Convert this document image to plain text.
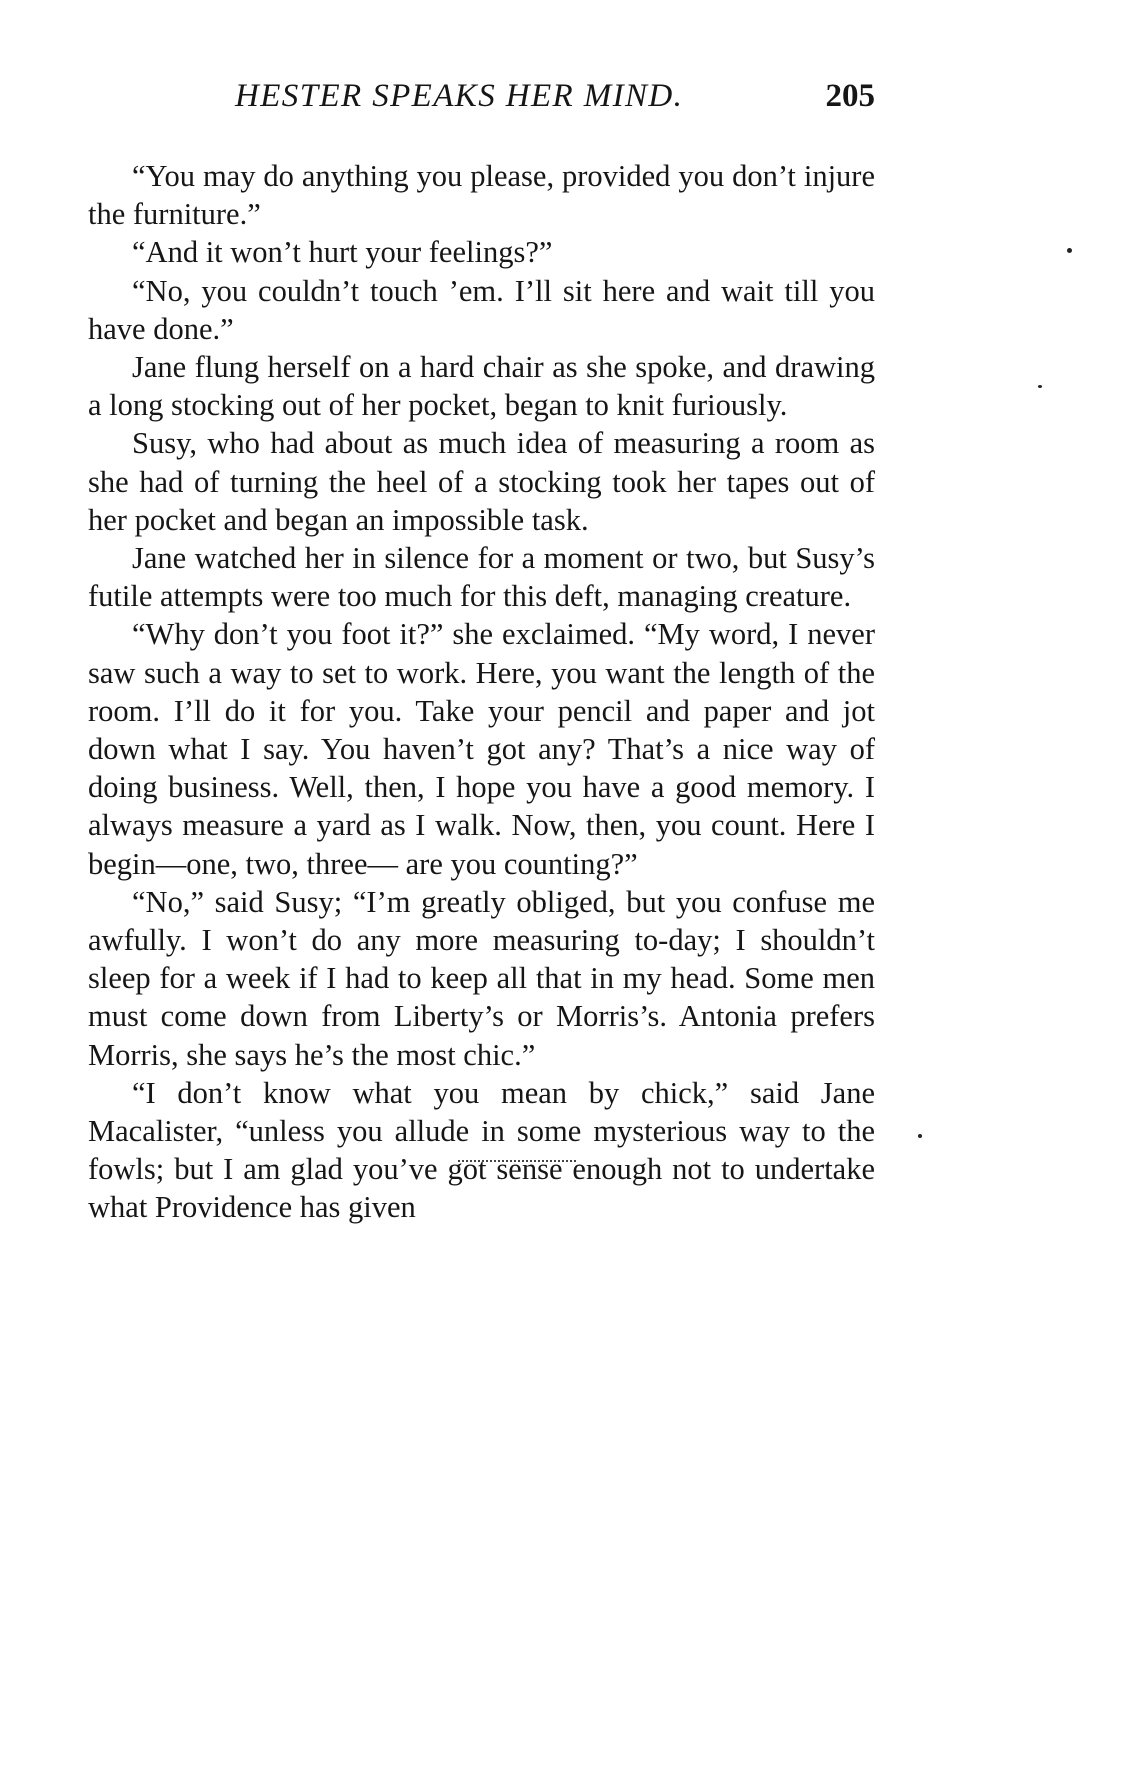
HESTER SPEAKS HER MIND.	205

“You may do anything you please, provided you don’t injure the furniture.”

“And it won’t hurt your feelings?”

“No, you couldn’t touch ’em. I’ll sit here and wait till you have done.”

Jane flung herself on a hard chair as she spoke, and drawing a long stocking out of her pocket, began to knit furiously.

Susy, who had about as much idea of measuring a room as she had of turning the heel of a stocking took her tapes out of her pocket and began an impossible task.

Jane watched her in silence for a moment or two, but Susy’s futile attempts were too much for this deft, managing creature.

“Why don’t you foot it?” she exclaimed. “My word, I never saw such a way to set to work. Here, you want the length of the room. I’ll do it for you. Take your pencil and paper and jot down what I say. You haven’t got any? That’s a nice way of doing business. Well, then, I hope you have a good memory. I always measure a yard as I walk. Now, then, you count. Here I begin—one, two, three— are you counting?”

“No,” said Susy; “I’m greatly obliged, but you confuse me awfully. I won’t do any more measuring to-day; I shouldn’t sleep for a week if I had to keep all that in my head. Some men must come down from Liberty’s or Morris’s. Antonia prefers Morris, she says he’s the most chic.”

“I don’t know what you mean by chick,” said Jane Macalister, “unless you allude in some mysterious way to the fowls; but I am glad you’ve got sense enough not to undertake what Providence has given
